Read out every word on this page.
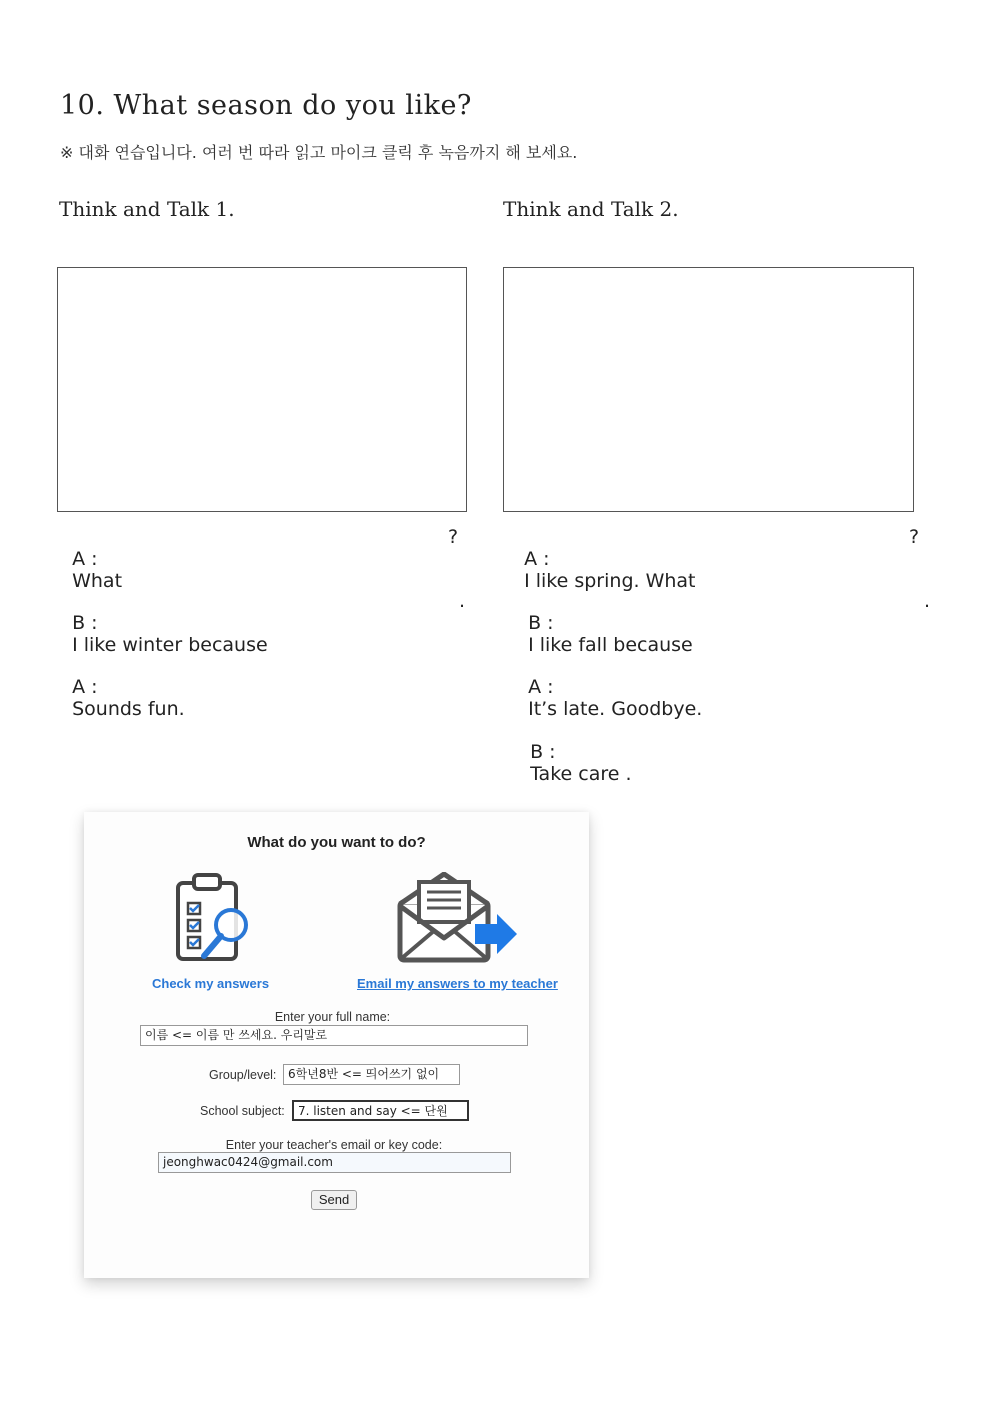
10. What season do you like?
※ 대화 연습입니다. 여러 번 따라 읽고 마이크 클릭 후 녹음까지 해 보세요.
Think and Talk 1.	Think and Talk 2.

A :
What

?

B :
I like winter because

.

A :
Sounds fun.

A :
I like spring. What

?

B :
I like fall because

.

A :
It’s late. Goodbye.

B :
Take care .

What do you want to do?
Check my answers	Email my answers to my teacher
Enter your full name:
이름 <= 이름 만 쓰세요. 우리말로
Group/level: 6학년8반 <= 띄어쓰기 없이
School subject:	7. listen and say <= 단원
Enter your teacher's email or key code:
jeonghwac0424@gmail.com
Send
